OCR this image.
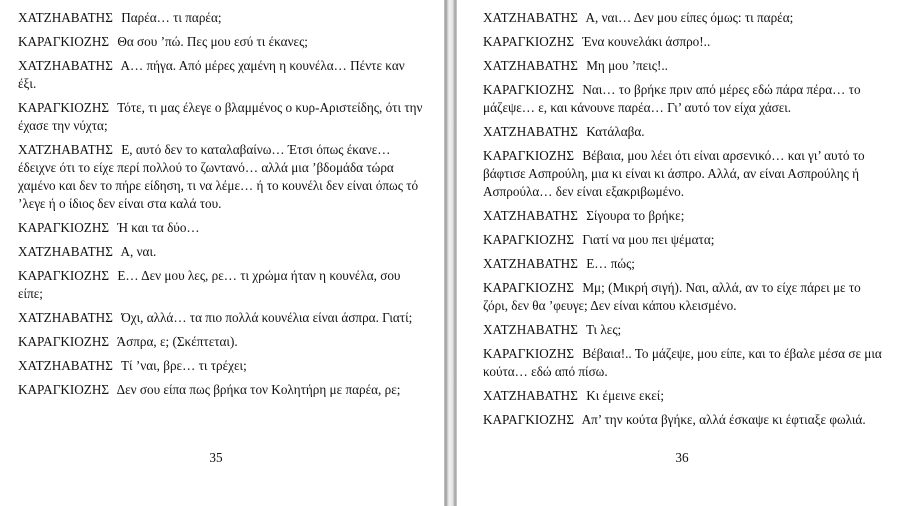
ΧΑΤΖΗΑΒΑΤΗΣ Παρέα… τι παρέα;

ΚΑΡΑΓΚΙΟΖΗΣ Θα σου ’πώ. Πες μου εσύ τι έκανες;

ΧΑΤΖΗΑΒΑΤΗΣ Α… πήγα. Από μέρες χαμένη η κουνέλα… Πέντε καν έξι.

ΚΑΡΑΓΚΙΟΖΗΣ Τότε, τι μας έλεγε ο βλαμμένος ο κυρ-Αριστείδης, ότι την έχασε την νύχτα;

ΧΑΤΖΗΑΒΑΤΗΣ Ε, αυτό δεν το καταλαβαίνω… Έτσι όπως έκανε… έδειχνε ότι το είχε περί πολλού το ζωντανό… αλλά μια ’βδομάδα τώρα χαμένο και δεν το πήρε είδηση, τι να λέμε… ή το κουνέλι δεν είναι όπως τό ’λεγε ή ο ίδιος δεν είναι στα καλά του.

ΚΑΡΑΓΚΙΟΖΗΣ Ή και τα δύο…

ΧΑΤΖΗΑΒΑΤΗΣ Α, ναι.

ΚΑΡΑΓΚΙΟΖΗΣ Ε… Δεν μου λες, ρε… τι χρώμα ήταν η κουνέλα, σου είπε;

ΧΑΤΖΗΑΒΑΤΗΣ Όχι, αλλά… τα πιο πολλά κουνέλια είναι άσπρα. Γιατί;

ΚΑΡΑΓΚΙΟΖΗΣ Άσπρα, ε; (Σκέπτεται).

ΧΑΤΖΗΑΒΑΤΗΣ Τί ’ναι, βρε… τι τρέχει;

ΚΑΡΑΓΚΙΟΖΗΣ Δεν σου είπα πως βρήκα τον Κολητήρη με παρέα, ρε;

35

ΧΑΤΖΗΑΒΑΤΗΣ Α, ναι… Δεν μου είπες όμως: τι παρέα;

ΚΑΡΑΓΚΙΟΖΗΣ Ένα κουνελάκι άσπρο!..

ΧΑΤΖΗΑΒΑΤΗΣ Μη μου ’πεις!..

ΚΑΡΑΓΚΙΟΖΗΣ Ναι… το βρήκε πριν από μέρες εδώ πάρα πέρα… το μάζεψε… ε, και κάνουνε παρέα… Γι’ αυτό τον είχα χάσει.

ΧΑΤΖΗΑΒΑΤΗΣ Κατάλαβα.

ΚΑΡΑΓΚΙΟΖΗΣ Βέβαια, μου λέει ότι είναι αρσενικό… και γι’ αυτό το βάφτισε Ασπρούλη, μια κι είναι κι άσπρο. Αλλά, αν είναι Ασπρούλης ή Ασπρούλα… δεν είναι εξακριβωμένο.

ΧΑΤΖΗΑΒΑΤΗΣ Σίγουρα το βρήκε;

ΚΑΡΑΓΚΙΟΖΗΣ Γιατί να μου πει ψέματα;

ΧΑΤΖΗΑΒΑΤΗΣ Ε… πώς;

ΚΑΡΑΓΚΙΟΖΗΣ Μμ; (Μικρή σιγή). Ναι, αλλά, αν το είχε πάρει με το ζόρι, δεν θα ’φευγε; Δεν είναι κάπου κλεισμένο.

ΧΑΤΖΗΑΒΑΤΗΣ Τι λες;

ΚΑΡΑΓΚΙΟΖΗΣ Βέβαια!.. Το μάζεψε, μου είπε, και το έβαλε μέσα σε μια κούτα… εδώ από πίσω.

ΧΑΤΖΗΑΒΑΤΗΣ Κι έμεινε εκεί;

ΚΑΡΑΓΚΙΟΖΗΣ Απ’ την κούτα βγήκε, αλλά έσκαψε κι έφτιαξε φωλιά.

36
